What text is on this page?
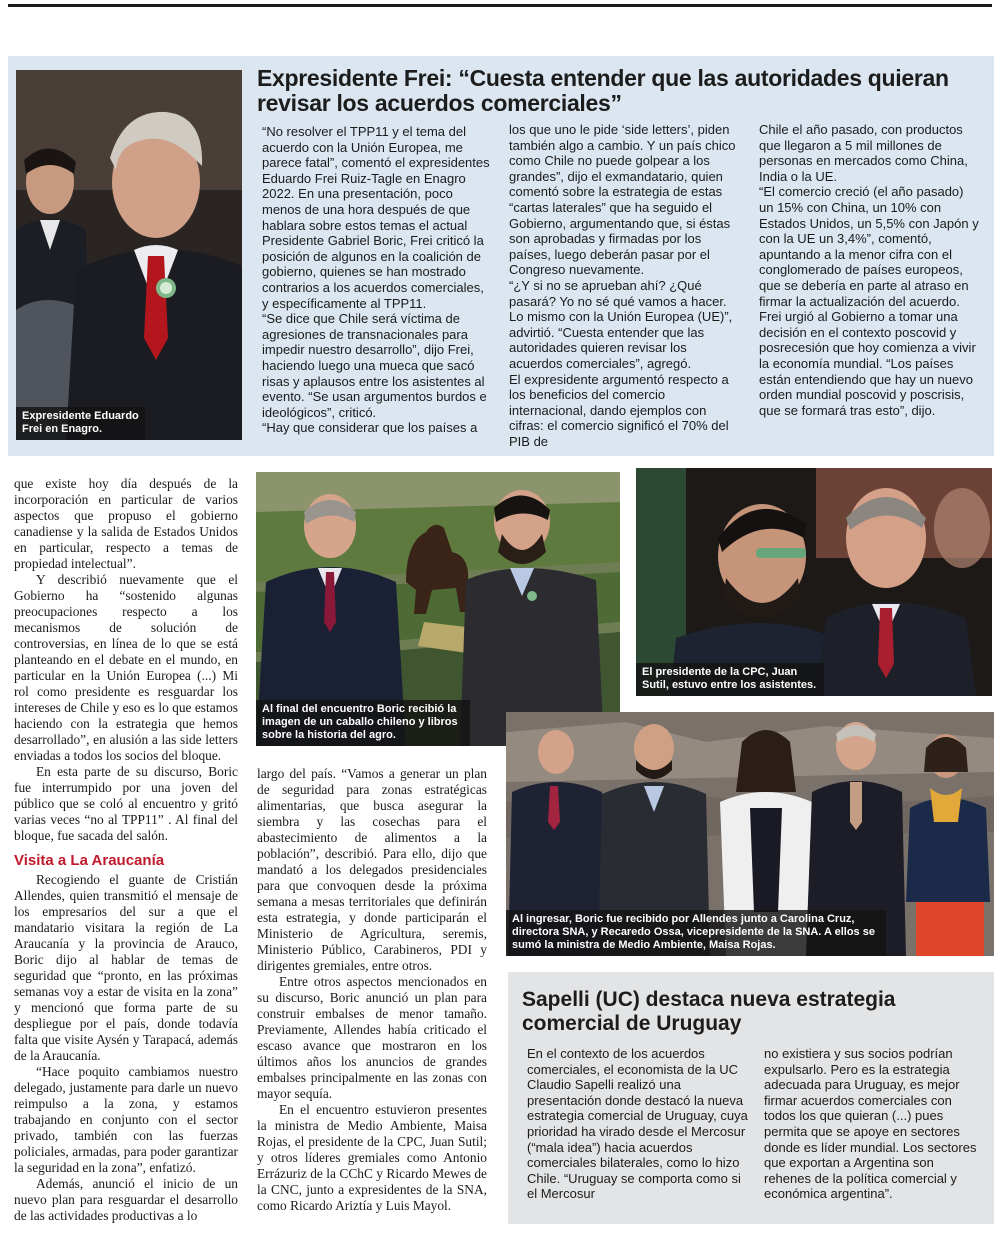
Expresidente Eduardo
Frei en Enagro.
Expresidente Frei: “Cuesta entender que las autoridades quieran revisar los acuerdos comerciales”

“No resolver el TPP11 y el tema del acuerdo con la Unión Europea, me parece fatal”, comentó el expresidentes Eduardo Frei Ruiz-Tagle en Enagro 2022. En una presentación, poco menos de una hora después de que hablara sobre estos temas el actual Presidente Gabriel Boric, Frei criticó la posición de algunos en la coalición de gobierno, quienes se han mostrado contrarios a los acuerdos comerciales, y específicamente al TPP11.

“Se dice que Chile será víctima de agresiones de transnacionales para impedir nuestro desarrollo”, dijo Frei, haciendo luego una mueca que sacó risas y aplausos entre los asistentes al evento. “Se usan argumentos burdos e ideológicos”, criticó.

“Hay que considerar que los países a

los que uno le pide ‘side letters’, piden también algo a cambio. Y un país chico como Chile no puede golpear a los grandes”, dijo el exmandatario, quien comentó sobre la estrategia de estas “cartas laterales” que ha seguido el Gobierno, argumentando que, si éstas son aprobadas y firmadas por los países, luego deberán pasar por el Congreso nuevamente.

“¿Y si no se aprueban ahí? ¿Qué pasará? Yo no sé qué vamos a hacer. Lo mismo con la Unión Europea (UE)”, advirtió. “Cuesta entender que las autoridades quieren revisar los acuerdos comerciales”, agregó.

El expresidente argumentó respecto a los beneficios del comercio internacional, dando ejemplos con cifras: el comercio significó el 70% del PIB de

Chile el año pasado, con productos que llegaron a 5 mil millones de personas en mercados como China, India o la UE.

“El comercio creció (el año pasado) un 15% con China, un 10% con Estados Unidos, un 5,5% con Japón y con la UE un 3,4%”, comentó, apuntando a la menor cifra con el conglomerado de países europeos, que se debería en parte al atraso en firmar la actualización del acuerdo.

Frei urgió al Gobierno a tomar una decisión en el contexto poscovid y posrecesión que hoy comienza a vivir la economía mundial. “Los países están entendiendo que hay un nuevo orden mundial poscovid y poscrisis, que se formará tras esto”, dijo.

que existe hoy día después de la incorporación en particular de varios aspectos que propuso el gobierno canadiense y la salida de Estados Unidos en particular, respecto a temas de propiedad intelectual”.

Y describió nuevamente que el Gobierno ha “sostenido algunas preocupaciones respecto a los mecanismos de solución de controversias, en línea de lo que se está planteando en el debate en el mundo, en particular en la Unión Europea (...) Mi rol como presidente es resguardar los intereses de Chile y eso es lo que estamos haciendo con la estrategia que hemos desarrollado”, en alusión a las side letters enviadas a todos los socios del bloque.

En esta parte de su discurso, Boric fue interrumpido por una joven del público que se coló al encuentro y gritó varias veces “no al TPP11” . Al final del bloque, fue sacada del salón.

Visita a La Araucanía

Recogiendo el guante de Cristián Allendes, quien transmitió el mensaje de los empresarios del sur a que el mandatario visitara la región de La Araucanía y la provincia de Arauco, Boric dijo al hablar de temas de seguridad que “pronto, en las próximas semanas voy a estar de visita en la zona” y mencionó que forma parte de su despliegue por el país, donde todavía falta que visite Aysén y Tarapacá, además de la Araucanía.

“Hace poquito cambiamos nuestro delegado, justamente para darle un nuevo reimpulso a la zona, y estamos trabajando en conjunto con el sector privado, también con las fuerzas policiales, armadas, para poder garantizar la seguridad en la zona”, enfatizó.

Además, anunció el inicio de un nuevo plan para resguardar el desarrollo de las actividades productivas a lo

Al final del encuentro Boric recibió la imagen de un caballo chileno y libros sobre la historia del agro.
El presidente de la CPC, Juan Sutil, estuvo entre los asistentes.

largo del país. “Vamos a generar un plan de seguridad para zonas estratégicas alimentarias, que busca asegurar la siembra y las cosechas para el abastecimiento de alimentos a la población”, describió. Para ello, dijo que mandató a los delegados presidenciales para que convoquen desde la próxima semana a mesas territoriales que definirán esta estrategia, y donde participarán el Ministerio de Agricultura, seremis, Ministerio Público, Carabineros, PDI y dirigentes gremiales, entre otros.

Entre otros aspectos mencionados en su discurso, Boric anunció un plan para construir embalses de menor tamaño. Previamente, Allendes había criticado el escaso avance que mostraron en los últimos años los anuncios de grandes embalses principalmente en las zonas con mayor sequía.

En el encuentro estuvieron presentes la ministra de Medio Ambiente, Maisa Rojas, el presidente de la CPC, Juan Sutil; y otros líderes gremiales como Antonio Errázuriz de la CChC y Ricardo Mewes de la CNC, junto a expresidentes de la SNA, como Ricardo Ariztía y Luis Mayol.

Al ingresar, Boric fue recibido por Allendes junto a Carolina Cruz, directora SNA, y Recaredo Ossa, vicepresidente de la SNA. A ellos se sumó la ministra de Medio Ambiente, Maisa Rojas.
Sapelli (UC) destaca nueva estrategia comercial de Uruguay

En el contexto de los acuerdos comerciales, el economista de la UC Claudio Sapelli realizó una presentación donde destacó la nueva estrategia comercial de Uruguay, cuya prioridad ha virado desde el Mercosur (“mala idea”) hacia acuerdos comerciales bilaterales, como lo hizo Chile. “Uruguay se comporta como si el Mercosur

no existiera y sus socios podrían expulsarlo. Pero es la estrategia adecuada para Uruguay, es mejor firmar acuerdos comerciales con todos los que quieran (...) pues permita que se apoye en sectores donde es líder mundial. Los sectores que exportan a Argentina son rehenes de la política comercial y económica argentina”.
